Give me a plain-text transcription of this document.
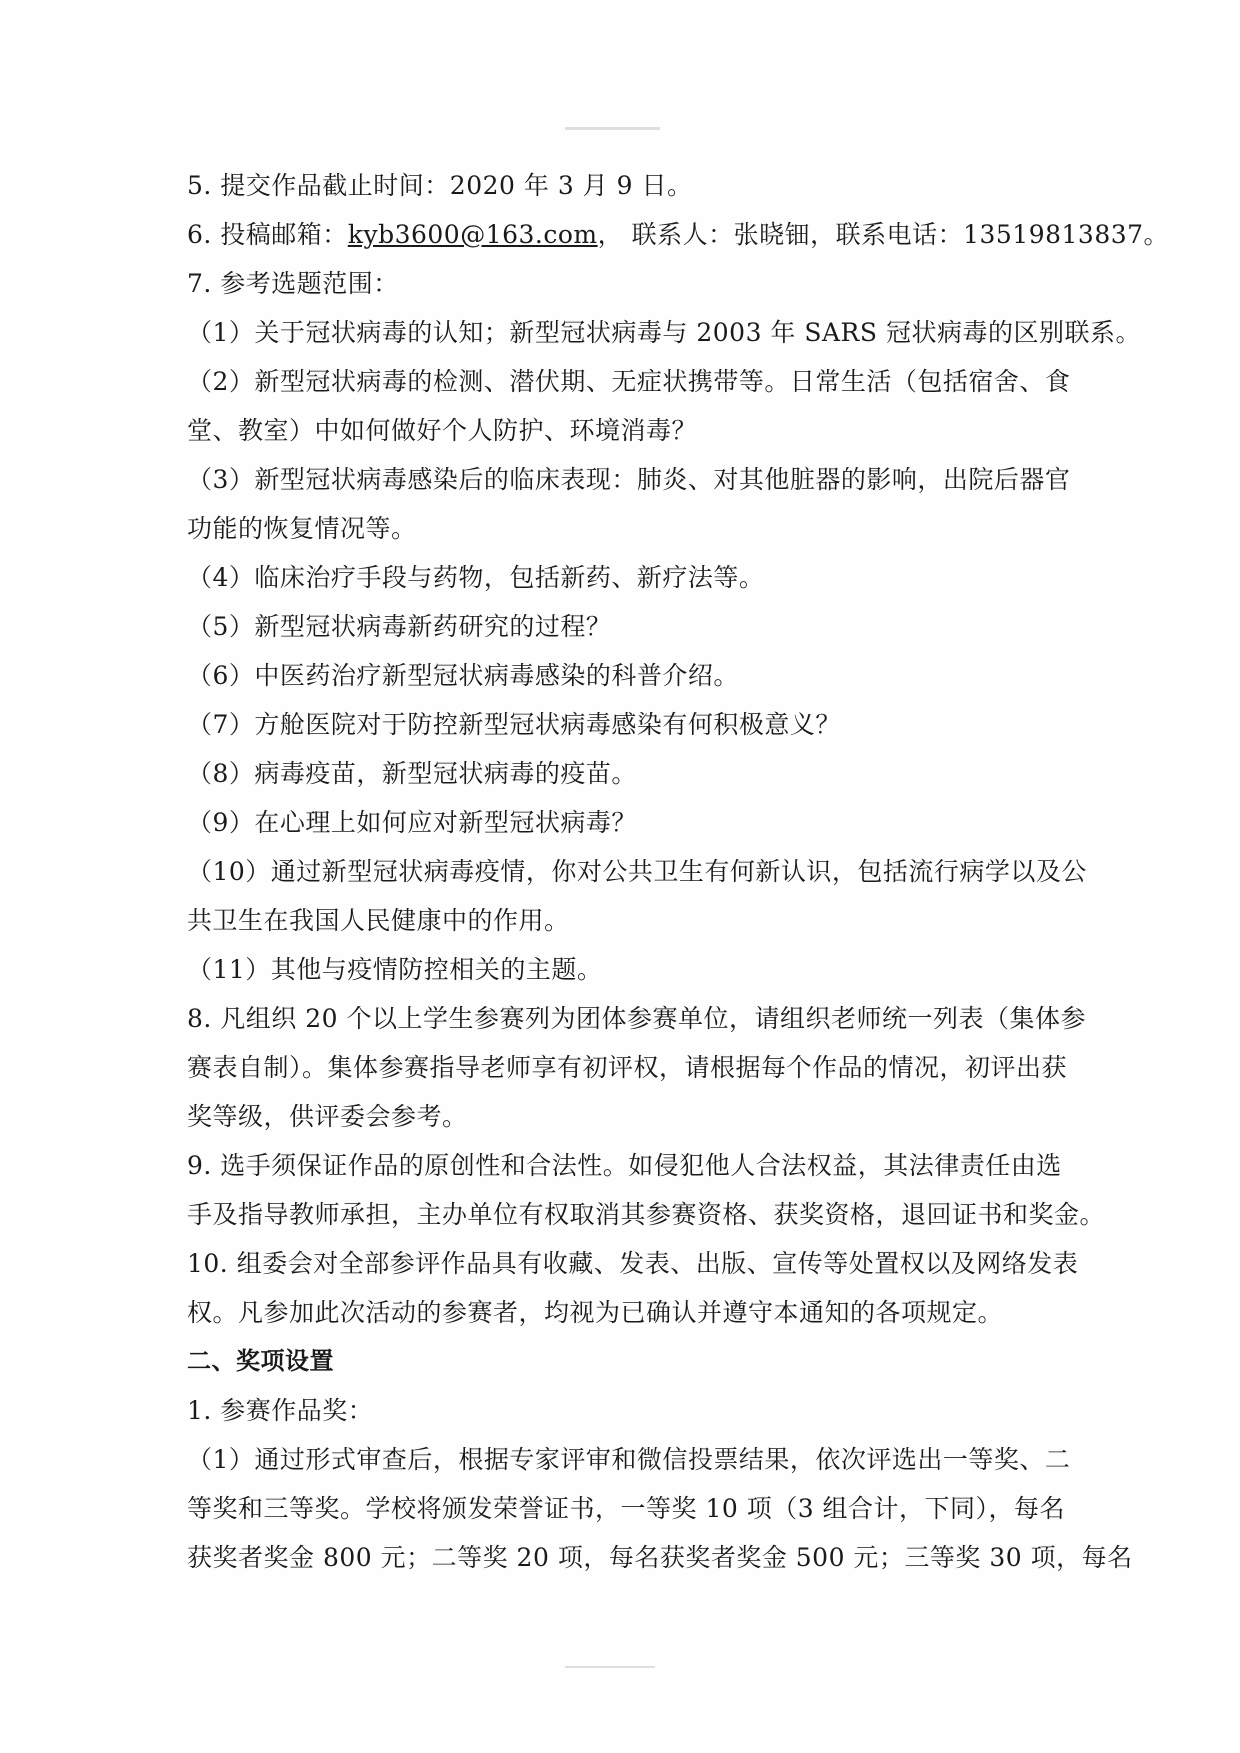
5. 提交作品截止时间：2020 年 3 月 9 日。
6. 投稿邮箱：kyb3600@163.com， 联系人：张晓钿，联系电话：13519813837。
7. 参考选题范围：
（1）关于冠状病毒的认知；新型冠状病毒与 2003 年 SARS 冠状病毒的区别联系。
（2）新型冠状病毒的检测、潜伏期、无症状携带等。日常生活（包括宿舍、食
堂、教室）中如何做好个人防护、环境消毒？
（3）新型冠状病毒感染后的临床表现：肺炎、对其他脏器的影响，出院后器官
功能的恢复情况等。
（4）临床治疗手段与药物，包括新药、新疗法等。
（5）新型冠状病毒新药研究的过程？
（6）中医药治疗新型冠状病毒感染的科普介绍。
（7）方舱医院对于防控新型冠状病毒感染有何积极意义？
（8）病毒疫苗，新型冠状病毒的疫苗。
（9）在心理上如何应对新型冠状病毒？
（10）通过新型冠状病毒疫情，你对公共卫生有何新认识，包括流行病学以及公
共卫生在我国人民健康中的作用。
（11）其他与疫情防控相关的主题。
8. 凡组织 20 个以上学生参赛列为团体参赛单位，请组织老师统一列表（集体参
赛表自制）。集体参赛指导老师享有初评权，请根据每个作品的情况，初评出获
奖等级，供评委会参考。
9. 选手须保证作品的原创性和合法性。如侵犯他人合法权益，其法律责任由选
手及指导教师承担，主办单位有权取消其参赛资格、获奖资格，退回证书和奖金。
10. 组委会对全部参评作品具有收藏、发表、出版、宣传等处置权以及网络发表
权。凡参加此次活动的参赛者，均视为已确认并遵守本通知的各项规定。
二、奖项设置
1. 参赛作品奖：
（1）通过形式审查后，根据专家评审和微信投票结果，依次评选出一等奖、二
等奖和三等奖。学校将颁发荣誉证书，一等奖 10 项（3 组合计，下同），每名
获奖者奖金 800 元；二等奖 20 项，每名获奖者奖金 500 元；三等奖 30 项，每名
